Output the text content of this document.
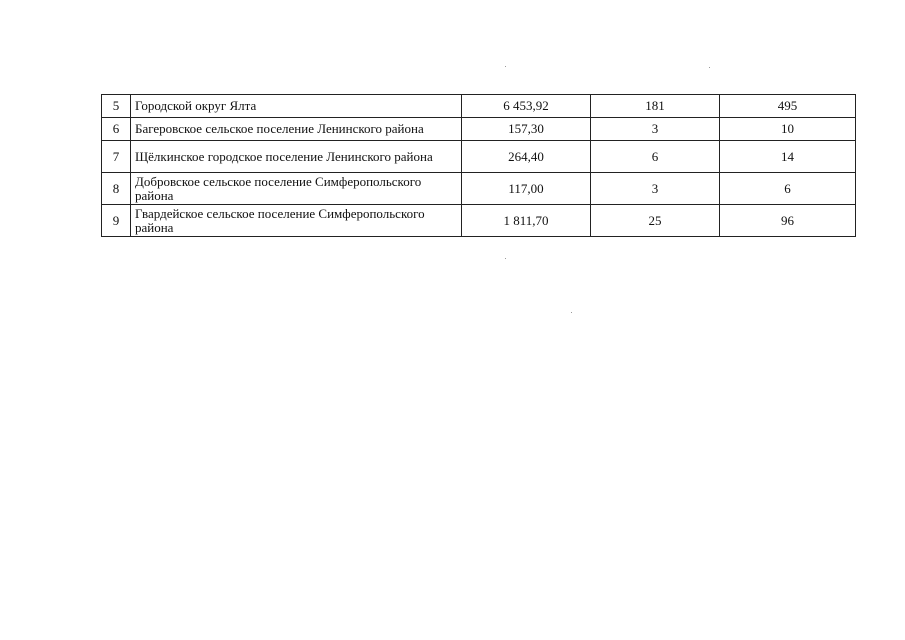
5	Городской округ Ялта	6 453,92	181	495
6	Багеровское сельское поселение Ленинского района	157,30	3	10
7	Щёлкинское городское поселение Ленинского района	264,40	6	14
8	Добровское сельское поселение Симферопольского района	117,00	3	6
9	Гвардейское сельское поселение Симферопольского района	1 811,70	25	96
